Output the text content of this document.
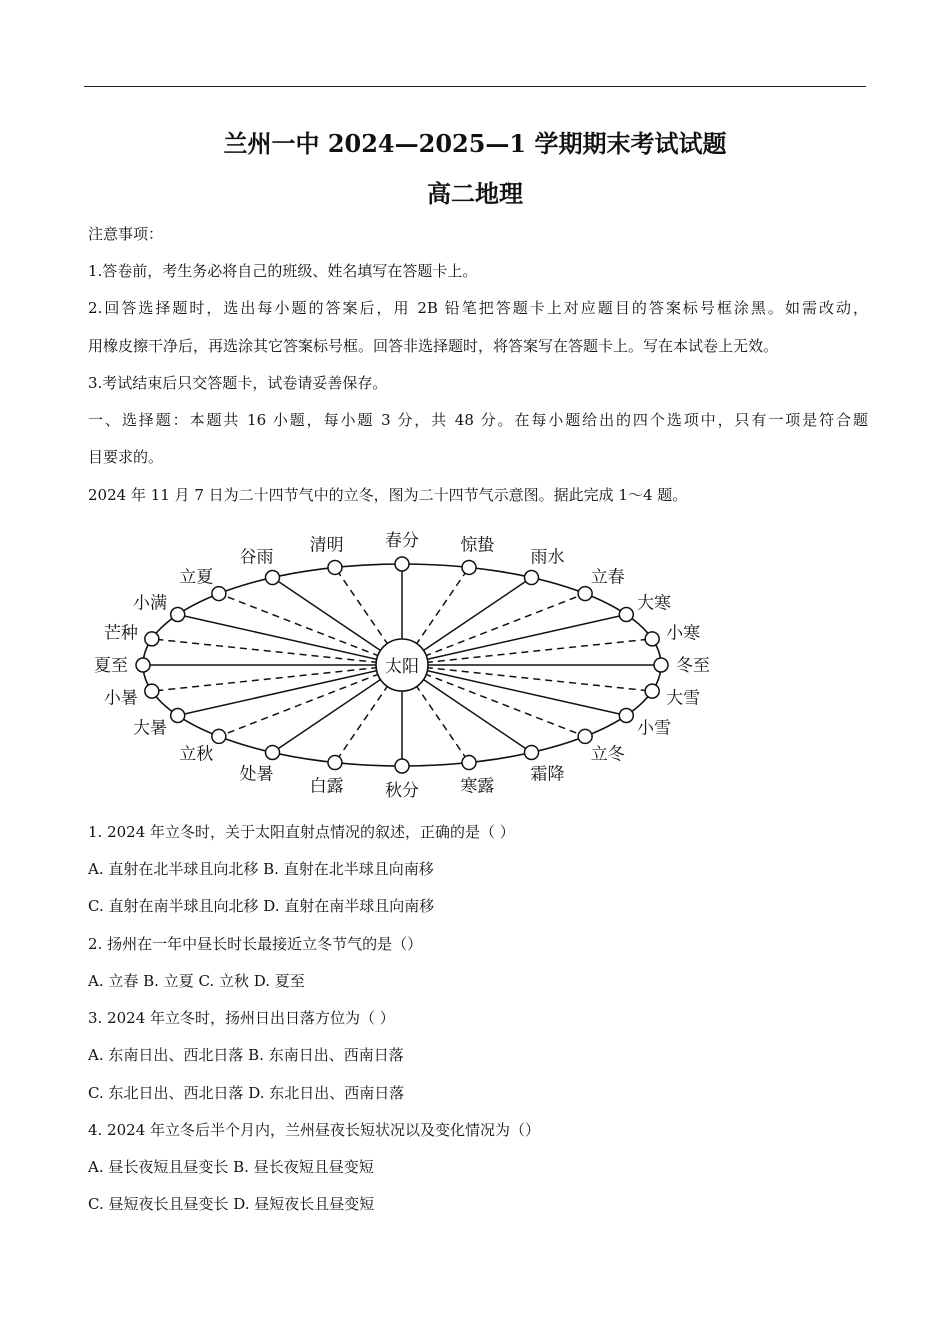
兰州一中 2024—2025—1 学期期末考试试题
高二地理
注意事项：
1.答卷前，考生务必将自己的班级、姓名填写在答题卡上。
2.回答选择题时，选出每小题的答案后，用 2B 铅笔把答题卡上对应题目的答案标号框涂黑。如需改动，
用橡皮擦干净后，再选涂其它答案标号框。回答非选择题时，将答案写在答题卡上。写在本试卷上无效。
3.考试结束后只交答题卡，试卷请妥善保存。
一、选择题：本题共 16 小题，每小题 3 分，共 48 分。在每小题给出的四个选项中，只有一项是符合题
目要求的。
2024 年 11 月 7 日为二十四节气中的立冬，图为二十四节气示意图。据此完成 1～4 题。
太阳
春分 惊蛰
雨水
立春
大寒
小寒
冬至
大雪
小雪
立冬
霜降
寒露
秋分
白露
处暑
立秋
大暑
小暑
夏至
芒种
小满
立夏
谷雨
清明
1. 2024 年立冬时，关于太阳直射点情况的叙述，正确的是（ ）
A. 直射在北半球且向北移 B. 直射在北半球且向南移
C. 直射在南半球且向北移 D. 直射在南半球且向南移
2. 扬州在一年中昼长时长最接近立冬节气的是（）
A. 立春 B. 立夏 C. 立秋 D. 夏至
3. 2024 年立冬时，扬州日出日落方位为（ ）
A. 东南日出、西北日落 B. 东南日出、西南日落
C. 东北日出、西北日落 D. 东北日出、西南日落
4. 2024 年立冬后半个月内，兰州昼夜长短状况以及变化情况为（）
A. 昼长夜短且昼变长 B. 昼长夜短且昼变短
C. 昼短夜长且昼变长 D. 昼短夜长且昼变短
